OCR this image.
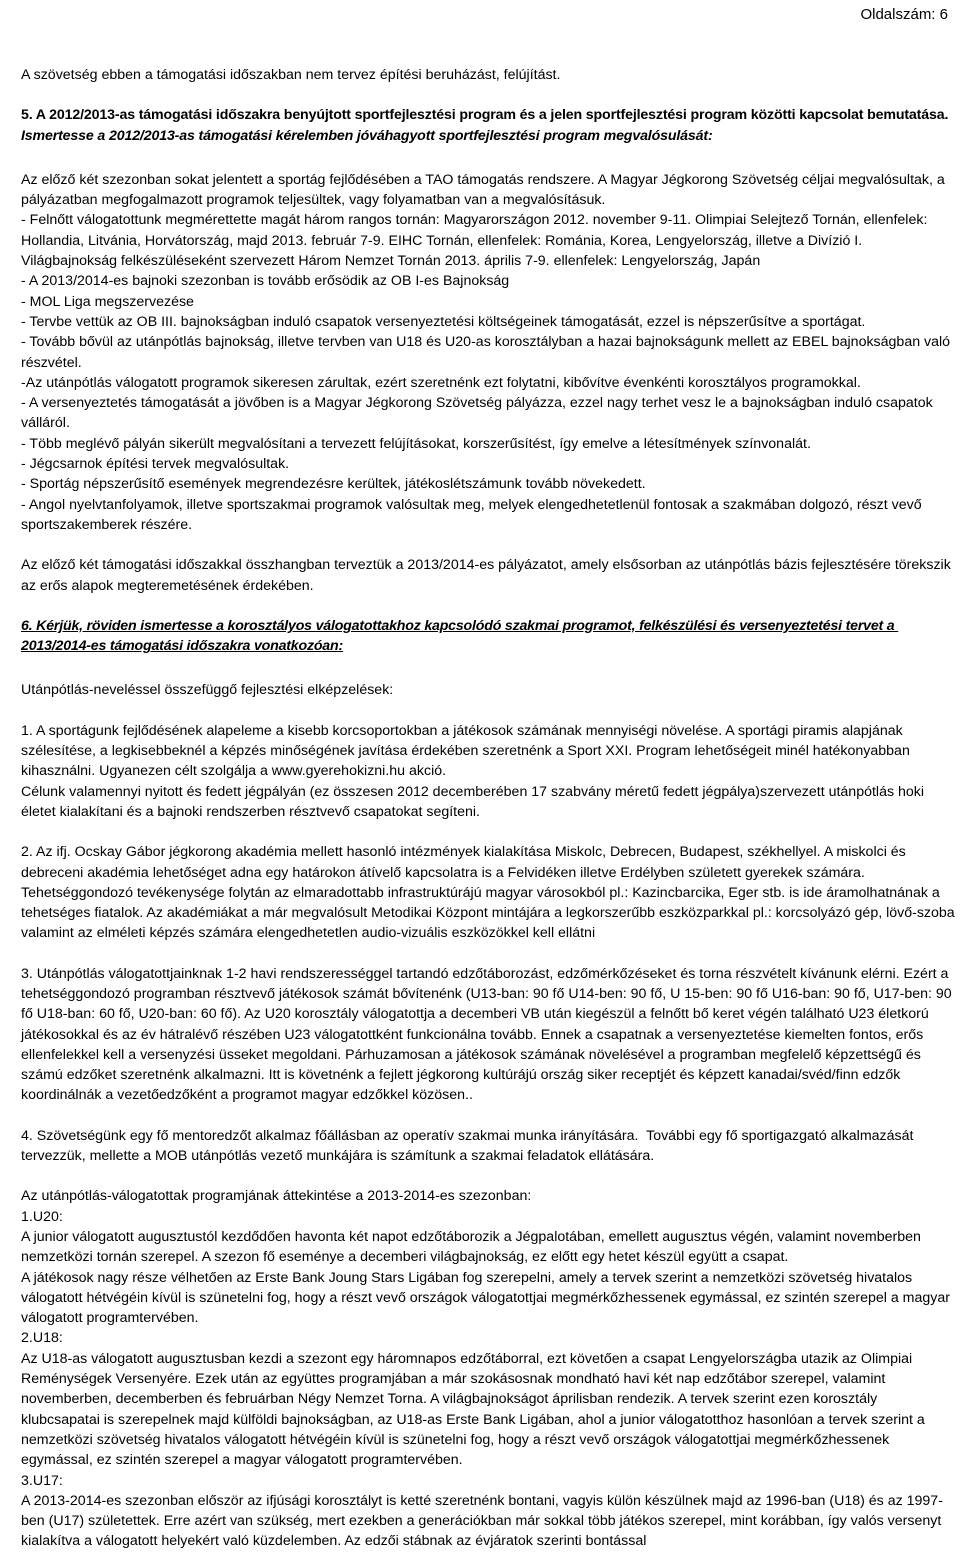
Oldalszám: 6

A szövetség ebben a támogatási időszakban nem tervez építési beruházást, felújítást.

5. A 2012/2013-as támogatási időszakra benyújtott sportfejlesztési program és a jelen sportfejlesztési program közötti kapcsolat bemutatása. Ismertesse a 2012/2013-as támogatási kérelemben jóváhagyott sportfejlesztési program megvalósulását:

Az előző két szezonban sokat jelentett a sportág fejlődésében a TAO támogatás rendszere. A Magyar Jégkorong Szövetség céljai megvalósultak, a pályázatban megfogalmazott programok teljesültek, vagy folyamatban van a megvalósításuk.

- Felnőtt válogatottunk megmérettette magát három rangos tornán: Magyarországon 2012. november 9-11. Olimpiai Selejtező Tornán, ellenfelek: Hollandia, Litvánia, Horvátország, majd 2013. február 7-9. EIHC Tornán, ellenfelek: Románia, Korea, Lengyelország, illetve a Divízió I. Világbajnokság felkészüléseként szervezett Három Nemzet Tornán 2013. április 7-9. ellenfelek: Lengyelország, Japán

- A 2013/2014-es bajnoki szezonban is tovább erősödik az OB I-es Bajnokság

- MOL Liga megszervezése

- Tervbe vettük az OB III. bajnokságban induló csapatok versenyeztetési költségeinek támogatását, ezzel is népszerűsítve a sportágat.

- Tovább bővül az utánpótlás bajnokság, illetve tervben van U18 és U20-as korosztályban a hazai bajnokságunk mellett az EBEL bajnokságban való részvétel.

-Az utánpótlás válogatott programok sikeresen zárultak, ezért szeretnénk ezt folytatni, kibővítve évenkénti korosztályos programokkal.

- A versenyeztetés támogatását a jövőben is a Magyar Jégkorong Szövetség pályázza, ezzel nagy terhet vesz le a bajnokságban induló csapatok válláról.

- Több meglévő pályán sikerült megvalósítani a tervezett felújításokat, korszerűsítést, így emelve a létesítmények színvonalát.

- Jégcsarnok építési tervek megvalósultak.

- Sportág népszerűsítő események megrendezésre kerültek, játékoslétszámunk tovább növekedett.

- Angol nyelvtanfolyamok, illetve sportszakmai programok valósultak meg, melyek elengedhetetlenül fontosak a szakmában dolgozó, részt vevő sportszakemberek részére.

Az előző két támogatási időszakkal összhangban terveztük a 2013/2014-es pályázatot, amely elsősorban az utánpótlás bázis fejlesztésére törekszik az erős alapok megteremetésének érdekében.

6. Kérjük, röviden ismertesse a korosztályos válogatottakhoz kapcsolódó szakmai programot, felkészülési és versenyeztetési tervet a 2013/2014-es támogatási időszakra vonatkozóan:

Utánpótlás-neveléssel összefüggő fejlesztési elképzelések:

1. A sportágunk fejlődésének alapeleme a kisebb korcsoportokban a játékosok számának mennyiségi növelése. A sportági piramis alapjának szélesítése, a legkisebbeknél a képzés minőségének javítása érdekében szeretnénk a Sport XXI. Program lehetőségeit minél hatékonyabban kihasználni. Ugyanezen célt szolgálja a www.gyerehokizni.hu akció.

Célunk valamennyi nyitott és fedett jégpályán (ez összesen 2012 decemberében 17 szabvány méretű fedett jégpálya)szervezett utánpótlás hoki életet kialakítani és a bajnoki rendszerben résztvevő csapatokat segíteni.

2. Az ifj. Ocskay Gábor jégkorong akadémia mellett hasonló intézmények kialakítása Miskolc, Debrecen, Budapest, székhellyel. A miskolci és debreceni akadémia lehetőséget adna egy határokon átívelő kapcsolatra is a Felvidéken illetve Erdélyben született gyerekek számára. Tehetséggondozó tevékenysége folytán az elmaradottabb infrastruktúrájú magyar városokból pl.: Kazincbarcika, Eger stb. is ide áramolhatnának a tehetséges fiatalok. Az akadémiákat a már megvalósult Metodikai Központ mintájára a legkorszerűbb eszközparkkal pl.: korcsolyázó gép, lövő-szoba valamint az elméleti képzés számára elengedhetetlen audio-vizuális eszközökkel kell ellátni

3. Utánpótlás válogatottjainknak 1-2 havi rendszerességgel tartandó edzőtáborozást, edzőmérkőzéseket és torna részvételt kívánunk elérni. Ezért a tehetséggondozó programban résztvevő játékosok számát bővítenénk (U13-ban: 90 fő U14-ben: 90 fő, U 15-ben: 90 fő U16-ban: 90 fő, U17-ben: 90 fő U18-ban: 60 fő, U20-ban: 60 fő). Az U20 korosztály válogatottja a decemberi VB után kiegészül a felnőtt bő keret végén található U23 életkorú játékosokkal és az év hátralévő részében U23 válogatottként funkcionálna tovább. Ennek a csapatnak a versenyeztetése kiemelten fontos, erős ellenfelekkel kell a versenyzési üsseket megoldani. Párhuzamosan a játékosok számának növelésével a programban megfelelő képzettségű és számú edzőket szeretnénk alkalmazni. Itt is követnénk a fejlett jégkorong kultúrájú ország siker receptjét és képzett kanadai/svéd/finn edzők koordinálnák a vezetőedzőként a programot magyar edzőkkel közösen..

4. Szövetségünk egy fő mentoredzőt alkalmaz főállásban az operatív szakmai munka irányítására.  További egy fő sportigazgató alkalmazását tervezzük, mellette a MOB utánpótlás vezető munkájára is számítunk a szakmai feladatok ellátására.

Az utánpótlás-válogatottak programjának áttekintése a 2013-2014-es szezonban:

1.U20:

A junior válogatott augusztustól kezdődően havonta két napot edzőtáborozik a Jégpalotában, emellett augusztus végén, valamint novemberben nemzetközi tornán szerepel. A szezon fő eseménye a decemberi világbajnokság, ez előtt egy hetet készül együtt a csapat.

A játékosok nagy része vélhetően az Erste Bank Joung Stars Ligában fog szerepelni, amely a tervek szerint a nemzetközi szövetség hivatalos válogatott hétvégéin kívül is szünetelni fog, hogy a részt vevő országok válogatottjai megmérkőzhessenek egymással, ez szintén szerepel a magyar válogatott programtervében.

2.U18:

Az U18-as válogatott augusztusban kezdi a szezont egy háromnapos edzőtáborral, ezt követően a csapat Lengyelországba utazik az Olimpiai Reménységek Versenyére. Ezek után az együttes programjában a már szokásosnak mondható havi két nap edzőtábor szerepel, valamint novemberben, decemberben és februárban Négy Nemzet Torna. A világbajnokságot áprilisban rendezik. A tervek szerint ezen korosztály klubcsapatai is szerepelnek majd külföldi bajnokságban, az U18-as Erste Bank Ligában, ahol a junior válogatotthoz hasonlóan a tervek szerint a nemzetközi szövetség hivatalos válogatott hétvégéin kívül is szünetelni fog, hogy a részt vevő országok válogatottjai megmérkőzhessenek egymással, ez szintén szerepel a magyar válogatott programtervében.

3.U17:

A 2013-2014-es szezonban először az ifjúsági korosztályt is ketté szeretnénk bontani, vagyis külön készülnek majd az 1996-ban (U18) és az 1997-ben (U17) születettek. Erre azért van szükség, mert ezekben a generációkban már sokkal több játékos szerepel, mint korábban, így valós versenyt kialakítva a válogatott helyekért való küzdelemben. Az edzői stábnak az évjáratok szerinti bontással
